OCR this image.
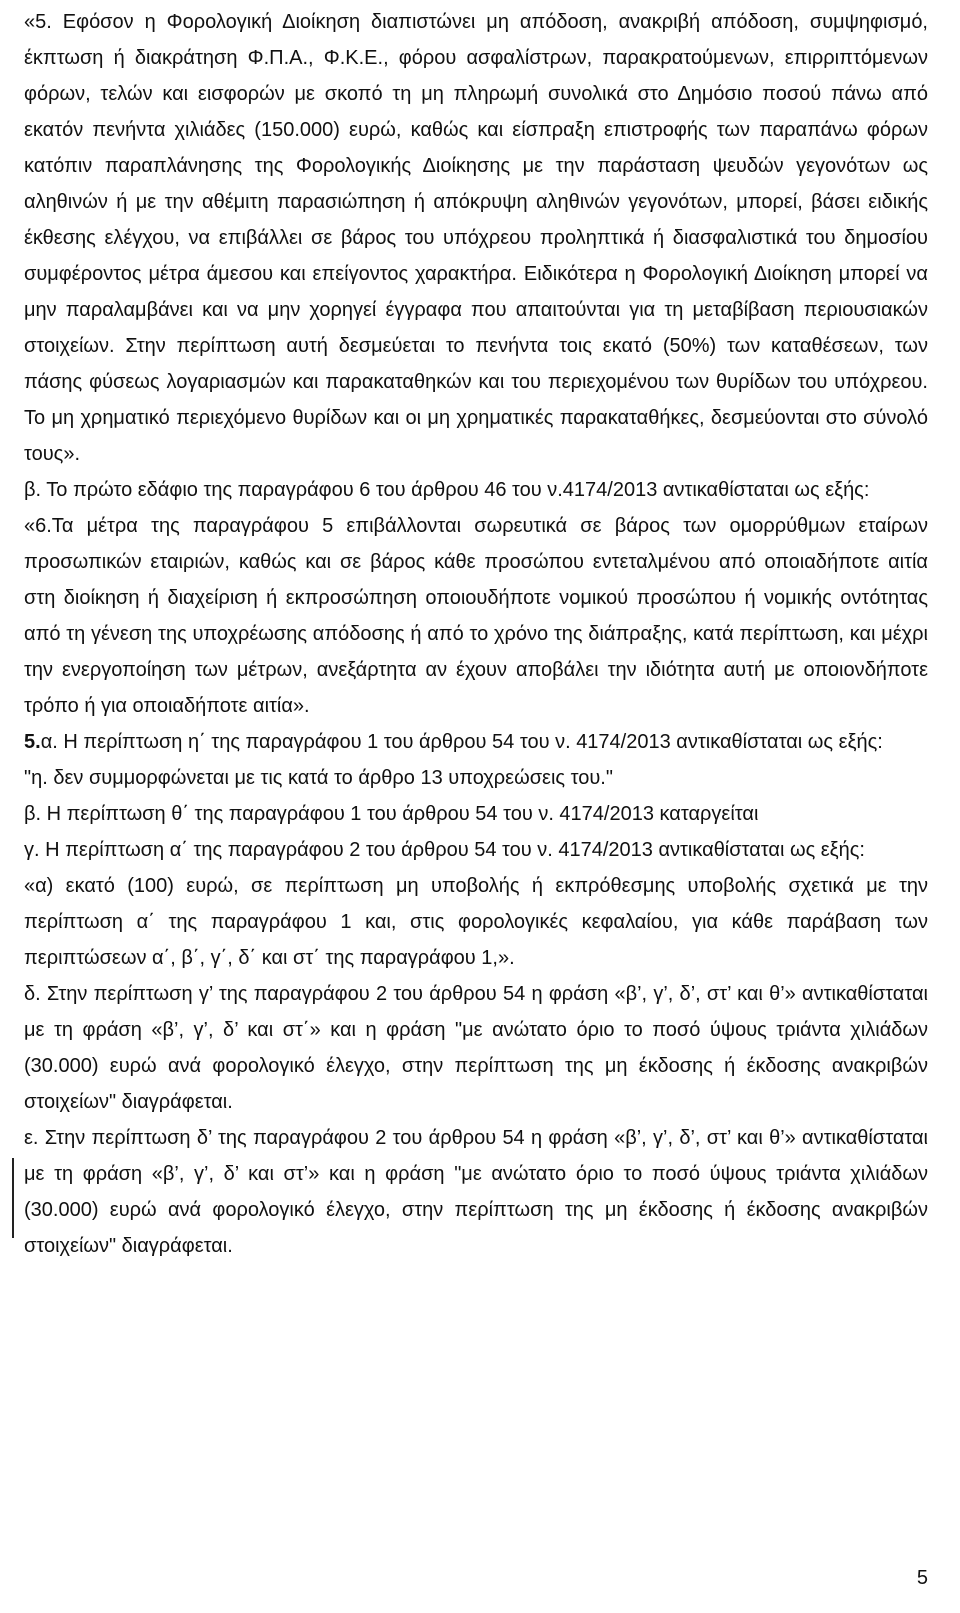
«5. Εφόσον η Φορολογική Διοίκηση διαπιστώνει μη απόδοση, ανακριβή απόδοση, συμψηφισμό, έκπτωση ή διακράτηση Φ.Π.Α., Φ.Κ.Ε., φόρου ασφαλίστρων, παρακρατούμενων, επιρριπτόμενων φόρων, τελών και εισφορών με σκοπό τη μη πληρωμή συνολικά στο Δημόσιο ποσού πάνω από εκατόν πενήντα χιλιάδες (150.000) ευρώ, καθώς και είσπραξη επιστροφής των παραπάνω φόρων κατόπιν παραπλάνησης της Φορολογικής Διοίκησης με την παράσταση ψευδών γεγονότων ως αληθινών ή με την αθέμιτη παρασιώπηση ή απόκρυψη αληθινών γεγονότων, μπορεί, βάσει ειδικής έκθεσης ελέγχου, να επιβάλλει σε βάρος του υπόχρεου προληπτικά ή διασφαλιστικά του δημοσίου συμφέροντος μέτρα άμεσου και επείγοντος χαρακτήρα. Ειδικότερα η Φορολογική Διοίκηση μπορεί να μην παραλαμβάνει και να μην χορηγεί έγγραφα που απαιτούνται για τη μεταβίβαση περιουσιακών στοιχείων. Στην περίπτωση αυτή δεσμεύεται το πενήντα τοις εκατό (50%) των καταθέσεων, των πάσης φύσεως λογαριασμών και παρακαταθηκών και του περιεχομένου των θυρίδων του υπόχρεου. Το μη χρηματικό περιεχόμενο θυρίδων και οι μη χρηματικές παρακαταθήκες, δεσμεύονται στο σύνολό τους».

β. Το πρώτο εδάφιο της παραγράφου 6 του άρθρου 46 του ν.4174/2013 αντικαθίσταται ως εξής:

«6.Τα μέτρα της παραγράφου 5 επιβάλλονται σωρευτικά σε βάρος των ομορρύθμων εταίρων προσωπικών εταιριών, καθώς και σε βάρος κάθε προσώπου εντεταλμένου από οποιαδήποτε αιτία στη διοίκηση ή διαχείριση ή εκπροσώπηση οποιουδήποτε νομικού προσώπου ή νομικής οντότητας από τη γένεση της υποχρέωσης απόδοσης ή από το χρόνο της διάπραξης, κατά περίπτωση, και μέχρι την ενεργοποίηση των μέτρων, ανεξάρτητα αν έχουν αποβάλει την ιδιότητα αυτή με οποιονδήποτε τρόπο ή για οποιαδήποτε αιτία».

5.α. Η περίπτωση η΄ της παραγράφου 1 του άρθρου 54 του ν. 4174/2013 αντικαθίσταται ως εξής:

"η. δεν συμμορφώνεται με τις κατά το άρθρο 13 υποχρεώσεις του."

β. Η περίπτωση θ΄ της παραγράφου 1 του άρθρου 54 του ν. 4174/2013 καταργείται

γ. Η περίπτωση α΄ της παραγράφου 2 του άρθρου 54 του ν. 4174/2013 αντικαθίσταται ως εξής:

«α) εκατό (100) ευρώ, σε περίπτωση μη υποβολής ή εκπρόθεσμης υποβολής σχετικά με την περίπτωση α΄ της παραγράφου 1 και, στις φορολογικές κεφαλαίου, για κάθε παράβαση των περιπτώσεων α΄, β΄, γ΄, δ΄ και στ΄ της παραγράφου 1,».

δ. Στην περίπτωση γ’ της παραγράφου 2 του άρθρου 54 η φράση «β’, γ’, δ’, στ’ και θ’» αντικαθίσταται με τη φράση «β’, γ’, δ’ και στ΄» και η φράση "με ανώτατο όριο το ποσό ύψους τριάντα χιλιάδων (30.000) ευρώ ανά φορολογικό έλεγχο, στην περίπτωση της μη έκδοσης ή έκδοσης ανακριβών στοιχείων" διαγράφεται.

ε. Στην περίπτωση δ’ της παραγράφου 2 του άρθρου 54 η φράση «β’, γ’, δ’, στ’ και θ’» αντικαθίσταται με τη φράση «β’, γ’, δ’ και στ’» και η φράση "με ανώτατο όριο το ποσό ύψους τριάντα χιλιάδων (30.000) ευρώ ανά φορολογικό έλεγχο, στην περίπτωση της μη έκδοσης ή έκδοσης ανακριβών στοιχείων" διαγράφεται.

5
